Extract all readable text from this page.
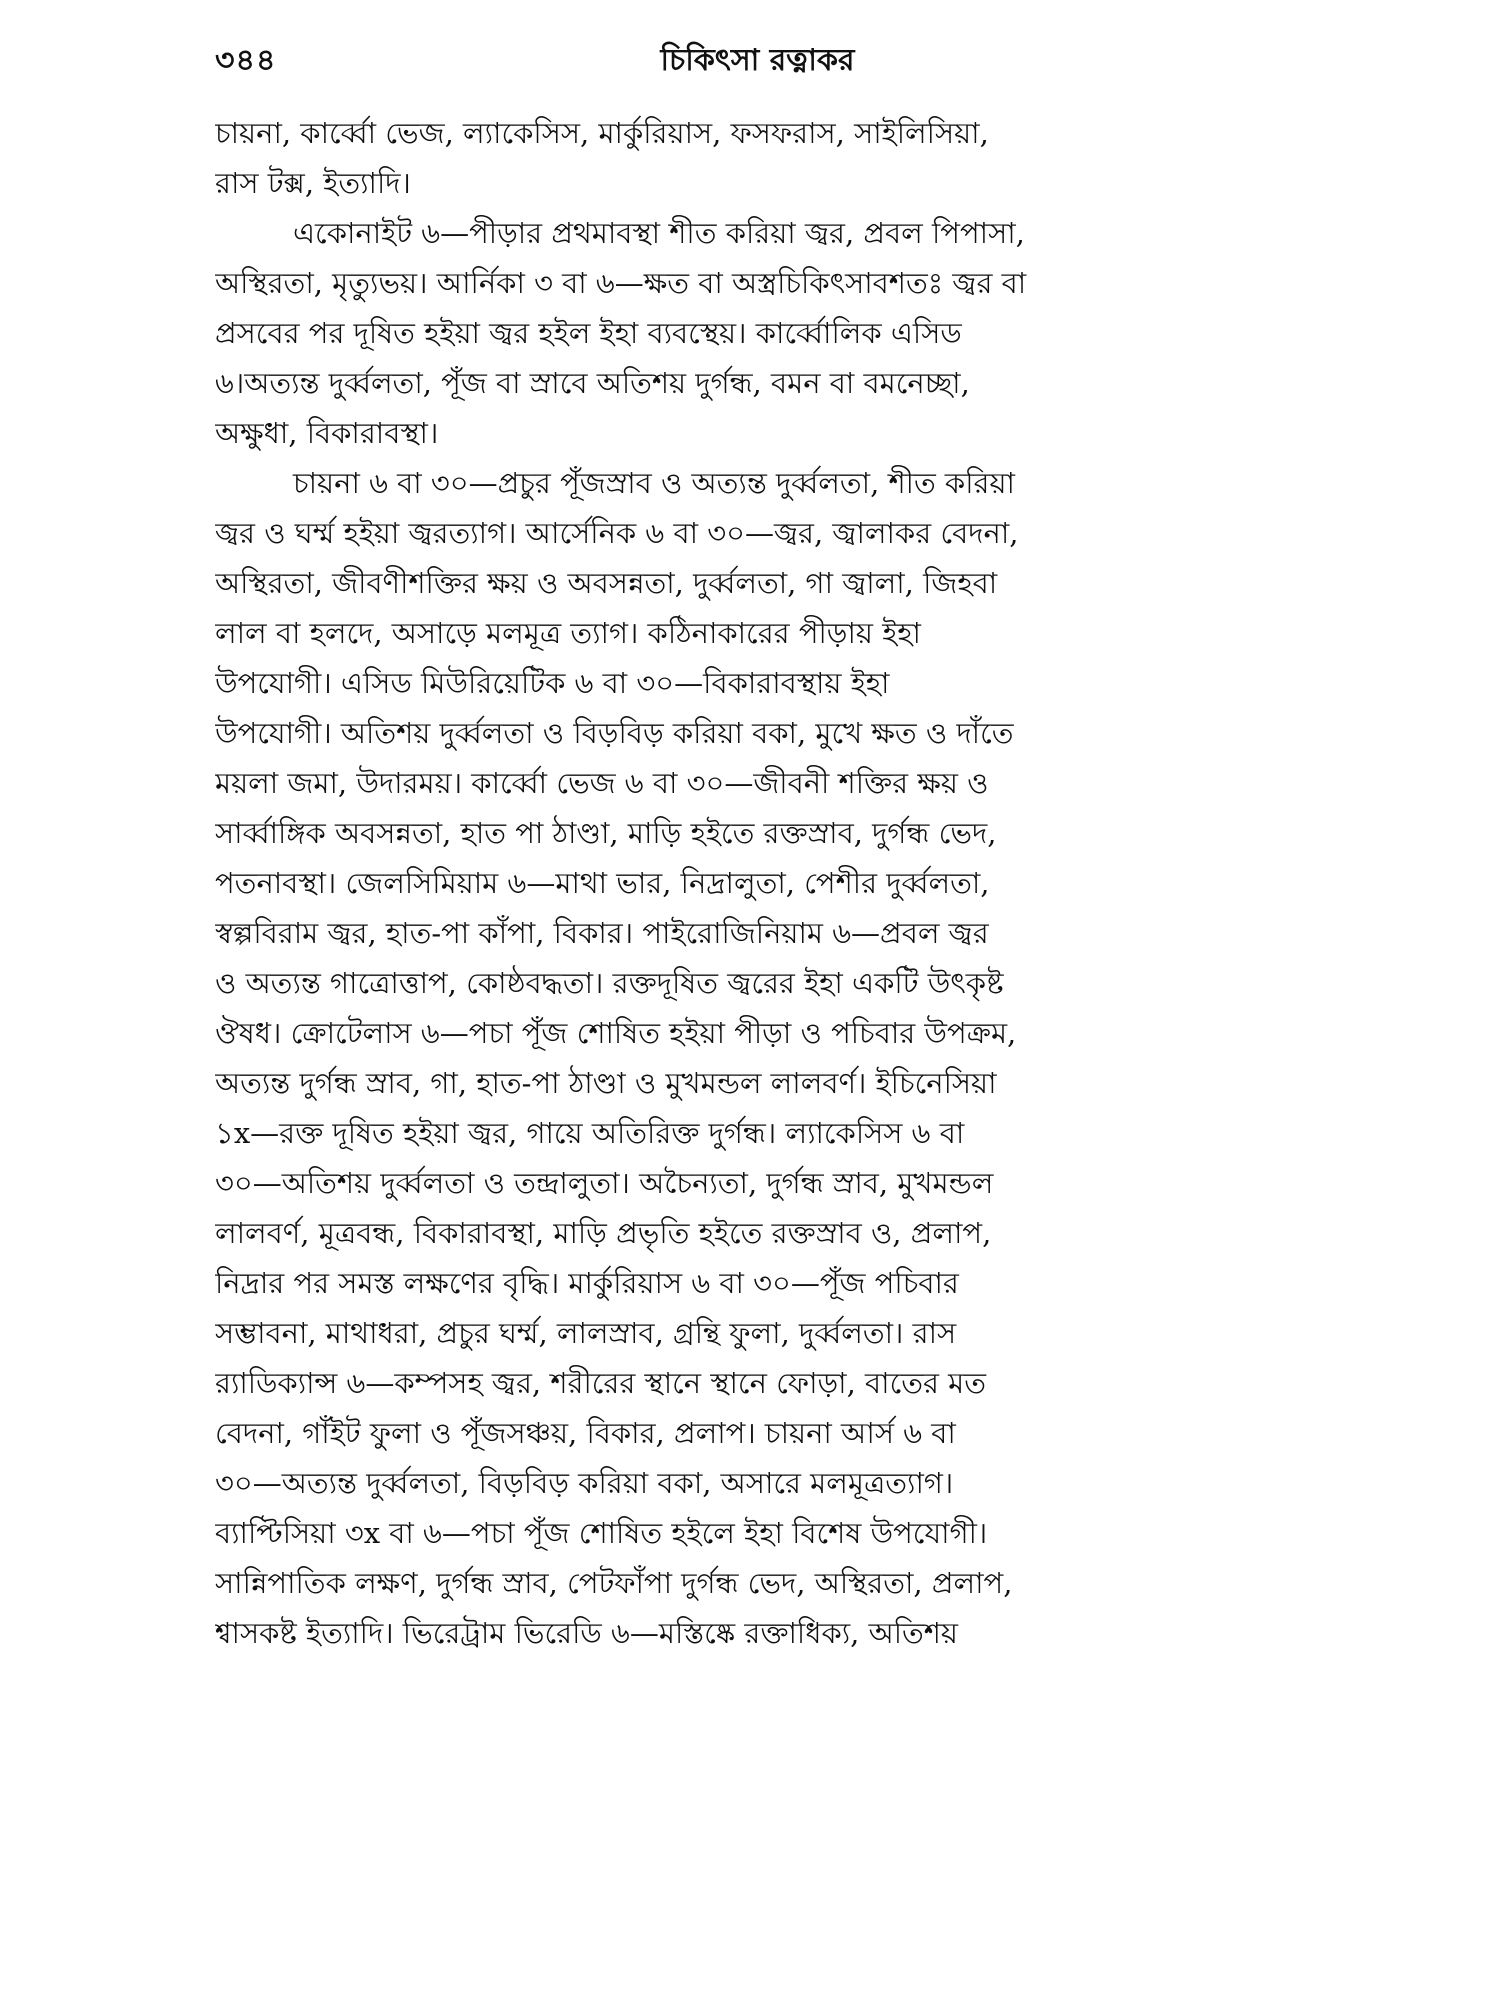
৩৪৪	চিকিৎসা রত্নাকর
চায়না, কার্ব্বো ভেজ, ল্যাকেসিস, মার্কুরিয়াস, ফসফরাস, সাইলিসিয়া,
রাস টক্স, ইত্যাদি।
একোনাইট ৬—পীড়ার প্রথমাবস্থা শীত করিয়া জ্বর, প্রবল পিপাসা,
অস্থিরতা, মৃত্যুভয়। আর্নিকা ৩ বা ৬—ক্ষত বা অস্ত্রচিকিৎসাবশতঃ জ্বর বা
প্রসবের পর দূষিত হইয়া জ্বর হইল ইহা ব্যবস্থেয়। কার্ব্বোলিক এসিড
৬।অত্যন্ত দুর্ব্বলতা, পূঁজ বা স্রাবে অতিশয় দুর্গন্ধ, বমন বা বমনেচ্ছা,
অক্ষুধা, বিকারাবস্থা।
চায়না ৬ বা ৩০—প্রচুর পূঁজস্রাব ও অত্যন্ত দুর্ব্বলতা, শীত করিয়া
জ্বর ও ঘর্ম্ম হইয়া জ্বরত্যাগ। আর্সেনিক ৬ বা ৩০—জ্বর, জ্বালাকর বেদনা,
অস্থিরতা, জীবণীশক্তির ক্ষয় ও অবসন্নতা, দুর্ব্বলতা, গা জ্বালা, জিহবা
লাল বা হলদে, অসাড়ে মলমূত্র ত্যাগ। কঠিনাকারের পীড়ায় ইহা
উপযোগী। এসিড মিউরিয়েটিক ৬ বা ৩০—বিকারাবস্থায় ইহা
উপযোগী। অতিশয় দুর্ব্বলতা ও বিড়বিড় করিয়া বকা, মুখে ক্ষত ও দাঁতে
ময়লা জমা, উদারময়। কার্ব্বো ভেজ ৬ বা ৩০—জীবনী শক্তির ক্ষয় ও
সার্ব্বাঙ্গিক অবসন্নতা, হাত পা ঠাণ্ডা, মাড়ি হইতে রক্তস্রাব, দুর্গন্ধ ভেদ,
পতনাবস্থা। জেলসিমিয়াম ৬—মাথা ভার, নিদ্রালুতা, পেশীর দুর্ব্বলতা,
স্বল্পবিরাম জ্বর, হাত-পা কাঁপা, বিকার। পাইরোজিনিয়াম ৬—প্রবল জ্বর
ও অত্যন্ত গাত্রোত্তাপ, কোষ্ঠবদ্ধতা। রক্তদূষিত জ্বরের ইহা একটি উৎকৃষ্ট
ঔষধ। ক্রোটেলাস ৬—পচা পূঁজ শোষিত হইয়া পীড়া ও পচিবার উপক্রম,
অত্যন্ত দুর্গন্ধ স্রাব, গা, হাত-পা ঠাণ্ডা ও মুখমন্ডল লালবর্ণ। ইচিনেসিয়া
১x—রক্ত দূষিত হইয়া জ্বর, গায়ে অতিরিক্ত দুর্গন্ধ। ল্যাকেসিস ৬ বা
৩০—অতিশয় দুর্ব্বলতা ও তন্দ্রালুতা। অচৈন্যতা, দুর্গন্ধ স্রাব, মুখমন্ডল
লালবর্ণ, মূত্রবন্ধ, বিকারাবস্থা, মাড়ি প্রভৃতি হইতে রক্তস্রাব ও, প্রলাপ,
নিদ্রার পর সমস্ত লক্ষণের বৃদ্ধি। মার্কুরিয়াস ৬ বা ৩০—পূঁজ পচিবার
সম্ভাবনা, মাথাধরা, প্রচুর ঘর্ম্ম, লালস্রাব, গ্রন্থি ফুলা, দুর্ব্বলতা। রাস
র‍্যাডিক্যান্স ৬—কম্পসহ জ্বর, শরীরের স্থানে স্থানে ফোড়া, বাতের মত
বেদনা, গাঁইট ফুলা ও পূঁজসঞ্চয়, বিকার, প্রলাপ। চায়না আর্স ৬ বা
৩০—অত্যন্ত দুর্ব্বলতা, বিড়বিড় করিয়া বকা, অসারে মলমূত্রত্যাগ।
ব্যাপ্টিসিয়া ৩x বা ৬—পচা পূঁজ শোষিত হইলে ইহা বিশেষ উপযোগী।
সান্নিপাতিক লক্ষণ, দুর্গন্ধ স্রাব, পেটফাঁপা দুর্গন্ধ ভেদ, অস্থিরতা, প্রলাপ,
শ্বাসকষ্ট ইত্যাদি। ভিরেট্রাম ভিরেডি ৬—মস্তিষ্কে রক্তাধিক্য, অতিশয়
